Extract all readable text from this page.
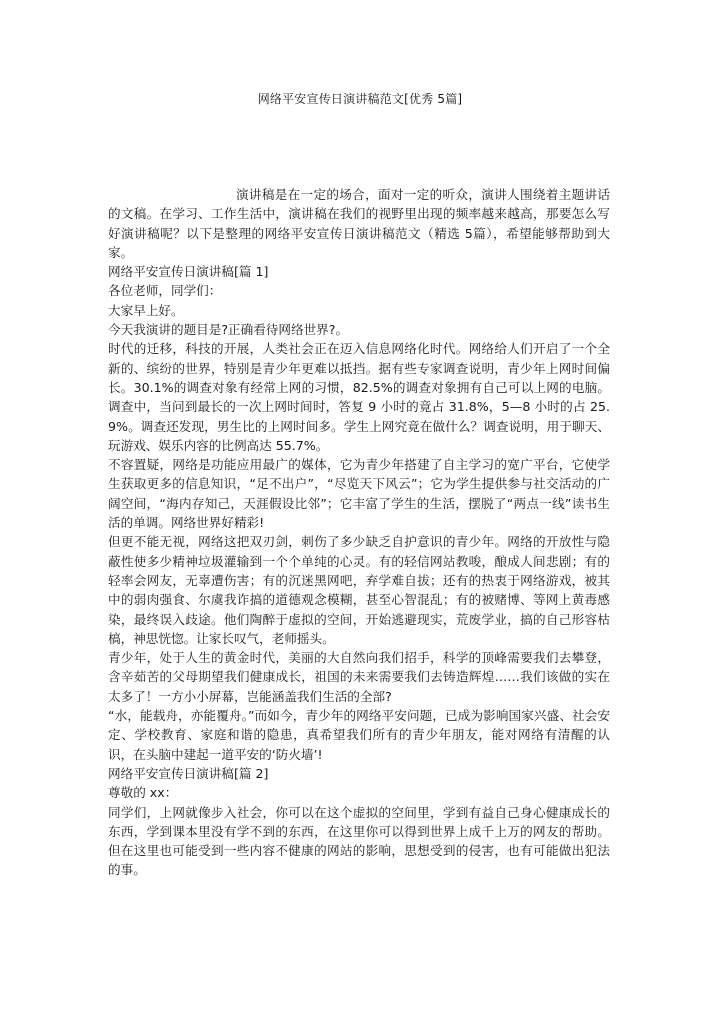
网络平安宣传日演讲稿范文[优秀 5篇]

演讲稿是在一定的场合，面对一定的听众，演讲人围绕着主题讲话的文稿。在学习、工作生活中，演讲稿在我们的视野里出现的频率越来越高，那要怎么写好演讲稿呢？以下是整理的网络平安宣传日演讲稿范文（精选 5篇），希望能够帮助到大家。

网络平安宣传日演讲稿[篇 1]

各位老师，同学们：

大家早上好。

今天我演讲的题目是?正确看待网络世界?。

时代的迁移，科技的开展，人类社会正在迈入信息网络化时代。网络给人们开启了一个全新的、缤纷的世界，特别是青少年更难以抵挡。据有些专家调查说明，青少年上网时间偏长。30.1%的调查对象有经常上网的习惯，82.5%的调查对象拥有自己可以上网的电脑。调查中，当问到最长的一次上网时间时，答复 9 小时的竟占 31.8%，5—8 小时的占 25.9%。调查还发现，男生比的上网时间多。学生上网究竟在做什么？调查说明，用于聊天、玩游戏、娱乐内容的比例高达 55.7%。

不容置疑，网络是功能应用最广的媒体，它为青少年搭建了自主学习的宽广平台，它使学生获取更多的信息知识，“足不出户”，“尽览天下风云”；它为学生提供参与社交活动的广阔空间，“海内存知己，天涯假设比邻”；它丰富了学生的生活，摆脱了“两点一线”读书生活的单调。网络世界好精彩!

但更不能无视，网络这把双刃剑，刺伤了多少缺乏自护意识的青少年。网络的开放性与隐蔽性使多少精神垃圾灌输到一个个单纯的心灵。有的轻信网站教唆，酿成人间悲剧；有的轻率会网友，无辜遭伤害；有的沉迷黑网吧，弃学难自拔；还有的热衷于网络游戏，被其中的弱肉强食、尔虞我诈搞的道德观念模糊，甚至心智混乱；有的被赌博、等网上黄毒感染，最终误入歧途。他们陶醉于虚拟的空间，开始逃避现实，荒废学业，搞的自己形容枯槁，神思恍惚。让家长叹气，老师摇头。

青少年，处于人生的黄金时代，美丽的大自然向我们招手，科学的顶峰需要我们去攀登，含辛茹苦的父母期望我们健康成长，祖国的未来需要我们去铸造辉煌……我们该做的实在太多了！一方小小屏幕，岂能涵盖我们生活的全部?

“水，能载舟，亦能覆舟。”而如今，青少年的网络平安问题，已成为影响国家兴盛、社会安定、学校教育、家庭和谐的隐患，真希望我们所有的青少年朋友，能对网络有清醒的认识，在头脑中建起一道平安的‘防火墙’!

网络平安宣传日演讲稿[篇 2]

尊敬的 xx：

同学们，上网就像步入社会，你可以在这个虚拟的空间里，学到有益自己身心健康成长的东西，学到课本里没有学不到的东西，在这里你可以得到世界上成千上万的网友的帮助。但在这里也可能受到一些内容不健康的网站的影响，思想受到的侵害，也有可能做出犯法的事。
